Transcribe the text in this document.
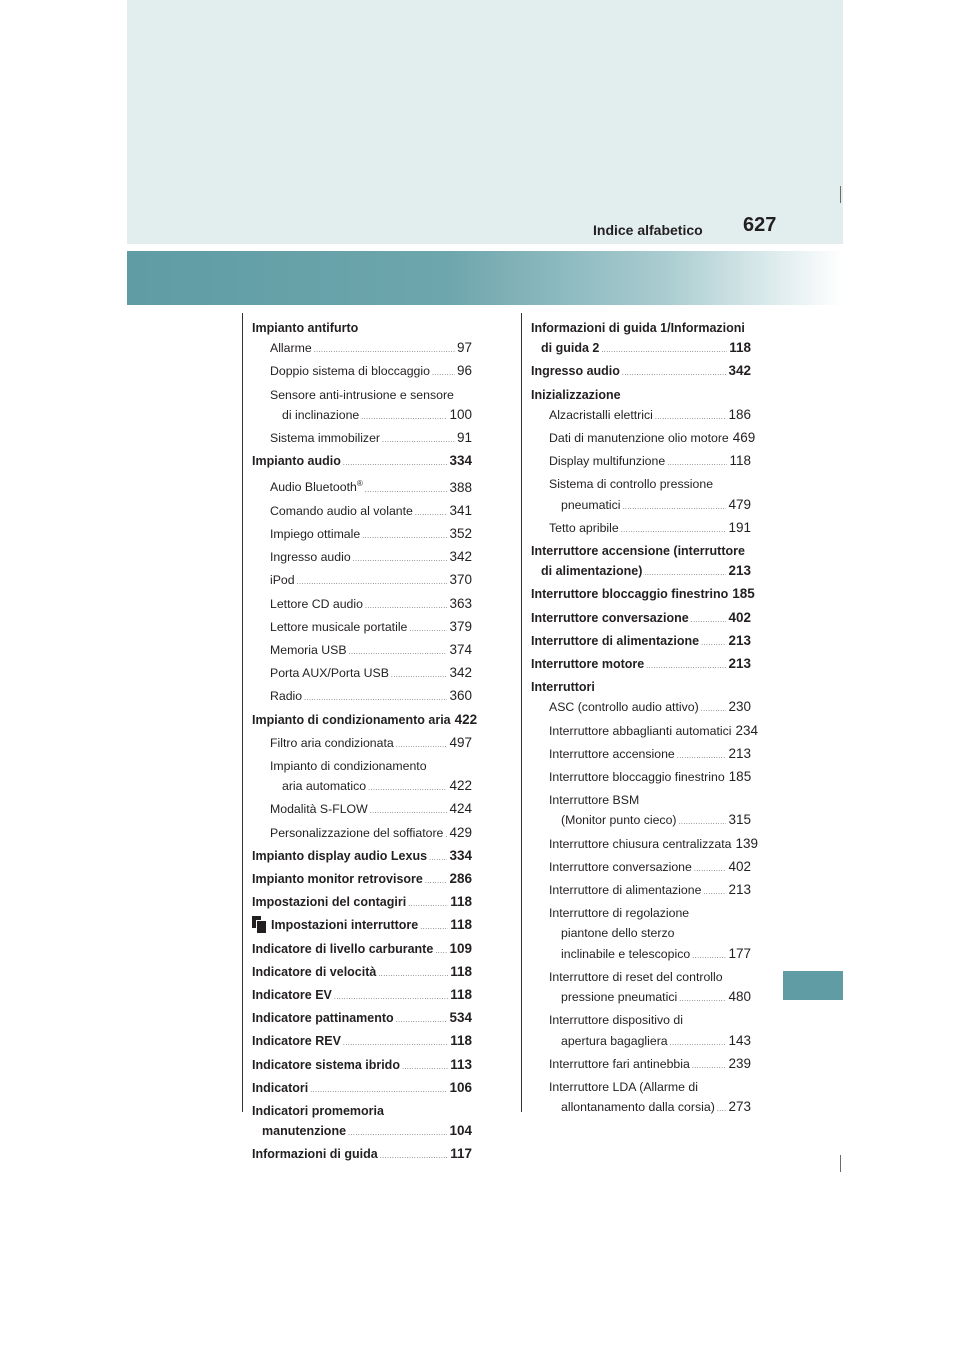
Indice alfabetico 627
Impianto antifurto
Allarme .....	97
Doppio sistema di bloccaggio ..... 96
Sensore anti-intrusione e sensore
di inclinazione .....	100
Sistema immobilizer .....	91
Impianto audio .....	334
Audio Bluetooth® .....	388
Comando audio al volante .....	341
Impiego ottimale .....	352
Ingresso audio .....	342
iPod .....	370
Lettore CD audio .....	363
Lettore musicale portatile .....	379
Memoria USB .....	374
Porta AUX/Porta USB .....	342
Radio .....	360
Impianto di condizionamento aria 422
Filtro aria condizionata .....	497
Impianto di condizionamento
aria automatico .....	422
Modalità S-FLOW .....	424
Personalizzazione del soffiatore ..... 429
Impianto display audio Lexus ..... 334
Impianto monitor retrovisore ..... 286
Impostazioni del contagiri .....	118
Impostazioni interruttore ..... 118
Indicatore di livello carburante ..... 109
Indicatore di velocità .....	118
Indicatore EV .....	118
Indicatore pattinamento .....	534
Indicatore REV .....	118
Indicatore sistema ibrido .....	113
Indicatori .....	106
Indicatori promemoria
manutenzione .....	104
Informazioni di guida .....	117
Informazioni di guida 1/Informazioni
di guida 2 .....	118
Ingresso audio .....	342
Inizializzazione
Alzacristalli elettrici .....	186
Dati di manutenzione olio motore 469
Display multifunzione .....	118
Sistema di controllo pressione
pneumatici .....	479
Tetto apribile .....	191
Interruttore accensione (interruttore
di alimentazione) .....	213
Interruttore bloccaggio finestrino 185
Interruttore conversazione .....	402
Interruttore di alimentazione ..... 213
Interruttore motore .....	213
Interruttori
ASC (controllo audio attivo) ..... 230
Interruttore abbaglianti automatici 234
Interruttore accensione .....	213
Interruttore bloccaggio finestrino 185
Interruttore BSM
(Monitor punto cieco) .....	315
Interruttore chiusura centralizzata 139
Interruttore conversazione .....	402
Interruttore di alimentazione ..... 213
Interruttore di regolazione
piantone dello sterzo
inclinabile e telescopico .....	177
Interruttore di reset del controllo
pressione pneumatici .....	480
Interruttore dispositivo di
apertura bagagliera .....	143
Interruttore fari antinebbia .....	239
Interruttore LDA (Allarme di
allontanamento dalla corsia) ..... 273
